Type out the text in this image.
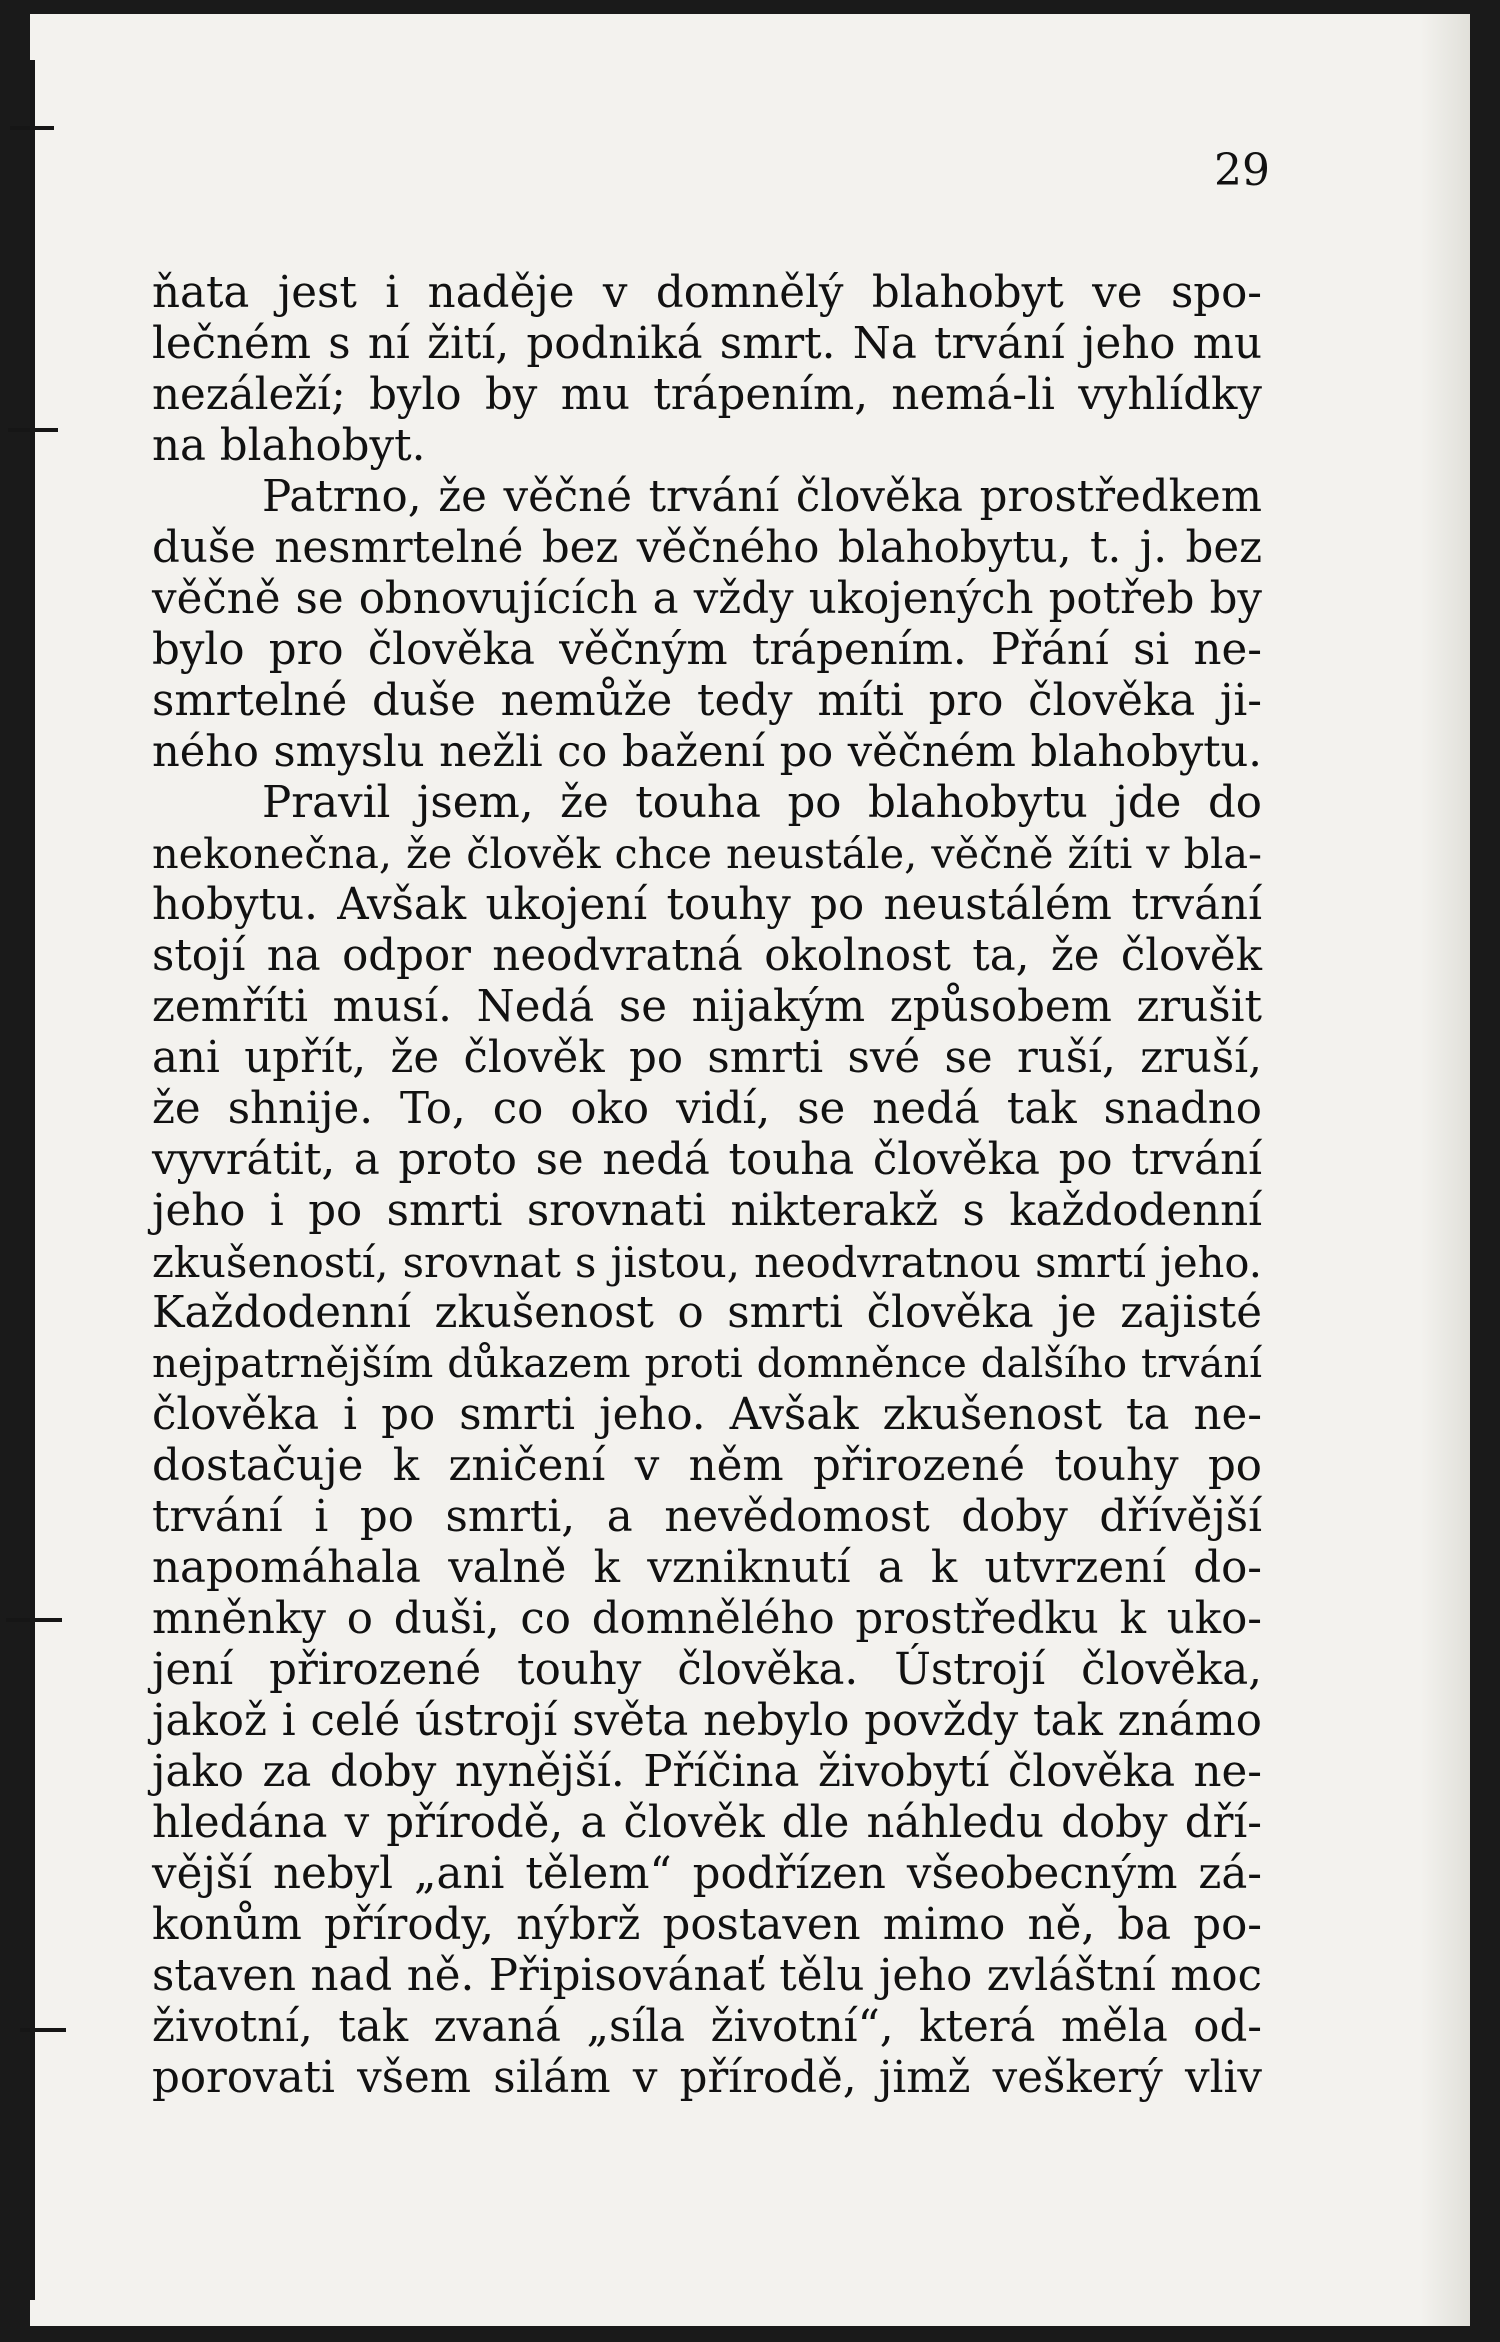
29
ňata jest i naděje v domnělý blahobyt ve spo-
lečném s ní žití, podniká smrt. Na trvání jeho mu
nezáleží; bylo by mu trápením, nemá-li vyhlídky
na blahobyt.
Patrno, že věčné trvání člověka prostředkem
duše nesmrtelné bez věčného blahobytu, t. j. bez
věčně se obnovujících a vždy ukojených potřeb by
bylo pro člověka věčným trápením. Přání si ne-
smrtelné duše nemůže tedy míti pro člověka ji-
ného smyslu nežli co bažení po věčném blahobytu.
Pravil jsem, že touha po blahobytu jde do
nekonečna, že člověk chce neustále, věčně žíti v bla-
hobytu. Avšak ukojení touhy po neustálém trvání
stojí na odpor neodvratná okolnost ta, že člověk
zemříti musí. Nedá se nijakým způsobem zrušit
ani upřít, že člověk po smrti své se ruší, zruší,
že shnije. To, co oko vidí, se nedá tak snadno
vyvrátit, a proto se nedá touha člověka po trvání
jeho i po smrti srovnati nikterakž s každodenní
zkušeností, srovnat s jistou, neodvratnou smrtí jeho.
Každodenní zkušenost o smrti člověka je zajisté
nejpatrnějším důkazem proti domněnce dalšího trvání
člověka i po smrti jeho. Avšak zkušenost ta ne-
dostačuje k zničení v něm přirozené touhy po
trvání i po smrti, a nevědomost doby dřívější
napomáhala valně k vzniknutí a k utvrzení do-
mněnky o duši, co domnělého prostředku k uko-
jení přirozené touhy člověka. Ústrojí člověka,
jakož i celé ústrojí světa nebylo povždy tak známo
jako za doby nynější. Příčina živobytí člověka ne-
hledána v přírodě, a člověk dle náhledu doby dří-
vější nebyl „ani tělem“ podřízen všeobecným zá-
konům přírody, nýbrž postaven mimo ně, ba po-
staven nad ně. Připisovánať tělu jeho zvláštní moc
životní, tak zvaná „síla životní“, která měla od-
porovati všem silám v přírodě, jimž veškerý vliv
